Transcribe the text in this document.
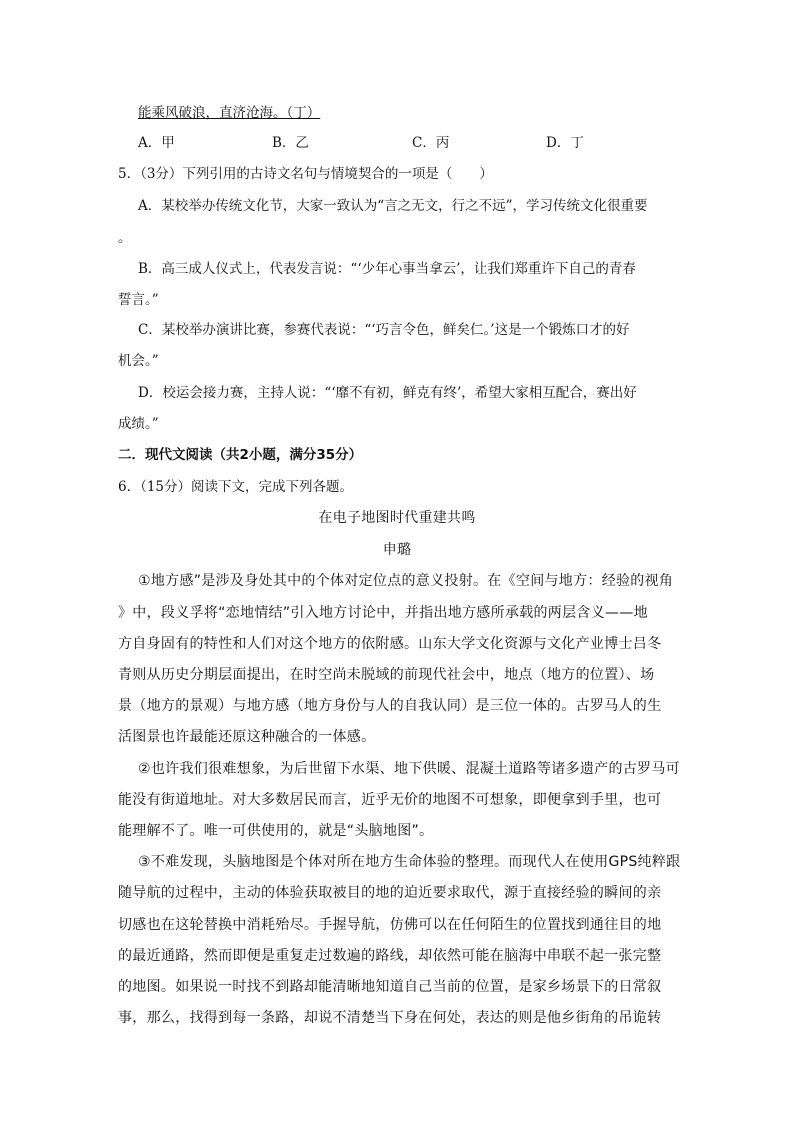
能乘风破浪，直济沧海。（丁）
A．甲	B．乙	C．丙	D．丁
5．（3分）下列引用的古诗文名句与情境契合的一项是（　　）
A．某校举办传统文化节，大家一致认为“言之无文，行之不远”，学习传统文化很重要
。
B．高三成人仪式上，代表发言说：“‘少年心事当拿云’，让我们郑重许下自己的青春
誓言。”
C．某校举办演讲比赛，参赛代表说：“‘巧言令色，鲜矣仁。’这是一个锻炼口才的好
机会。”
D．校运会接力赛，主持人说：“‘靡不有初，鲜克有终’，希望大家相互配合，赛出好
成绩。”
二．现代文阅读（共2小题，满分35分）
6．（15分）阅读下文，完成下列各题。
在电子地图时代重建共鸣
申璐
①地方感”是涉及身处其中的个体对定位点的意义投射。在《空间与地方：经验的视角
》中，段义孚将“恋地情结”引入地方讨论中，并指出地方感所承载的两层含义——地
方自身固有的特性和人们对这个地方的依附感。山东大学文化资源与文化产业博士吕冬
青则从历史分期层面提出，在时空尚未脱域的前现代社会中，地点（地方的位置）、场
景（地方的景观）与地方感（地方身份与人的自我认同）是三位一体的。古罗马人的生
活图景也许最能还原这种融合的一体感。
②也许我们很难想象，为后世留下水渠、地下供暖、混凝土道路等诸多遗产的古罗马可
能没有街道地址。对大多数居民而言，近乎无价的地图不可想象，即便拿到手里，也可
能理解不了。唯一可供使用的，就是“头脑地图”。
③不难发现，头脑地图是个体对所在地方生命体验的整理。而现代人在使用GPS纯粹跟
随导航的过程中，主动的体验获取被目的地的迫近要求取代，源于直接经验的瞬间的亲
切感也在这轮替换中消耗殆尽。手握导航，仿佛可以在任何陌生的位置找到通往目的地
的最近通路，然而即便是重复走过数遍的路线，却依然可能在脑海中串联不起一张完整
的地图。如果说一时找不到路却能清晰地知道自己当前的位置，是家乡场景下的日常叙
事，那么，找得到每一条路，却说不清楚当下身在何处，表达的则是他乡街角的吊诡转
